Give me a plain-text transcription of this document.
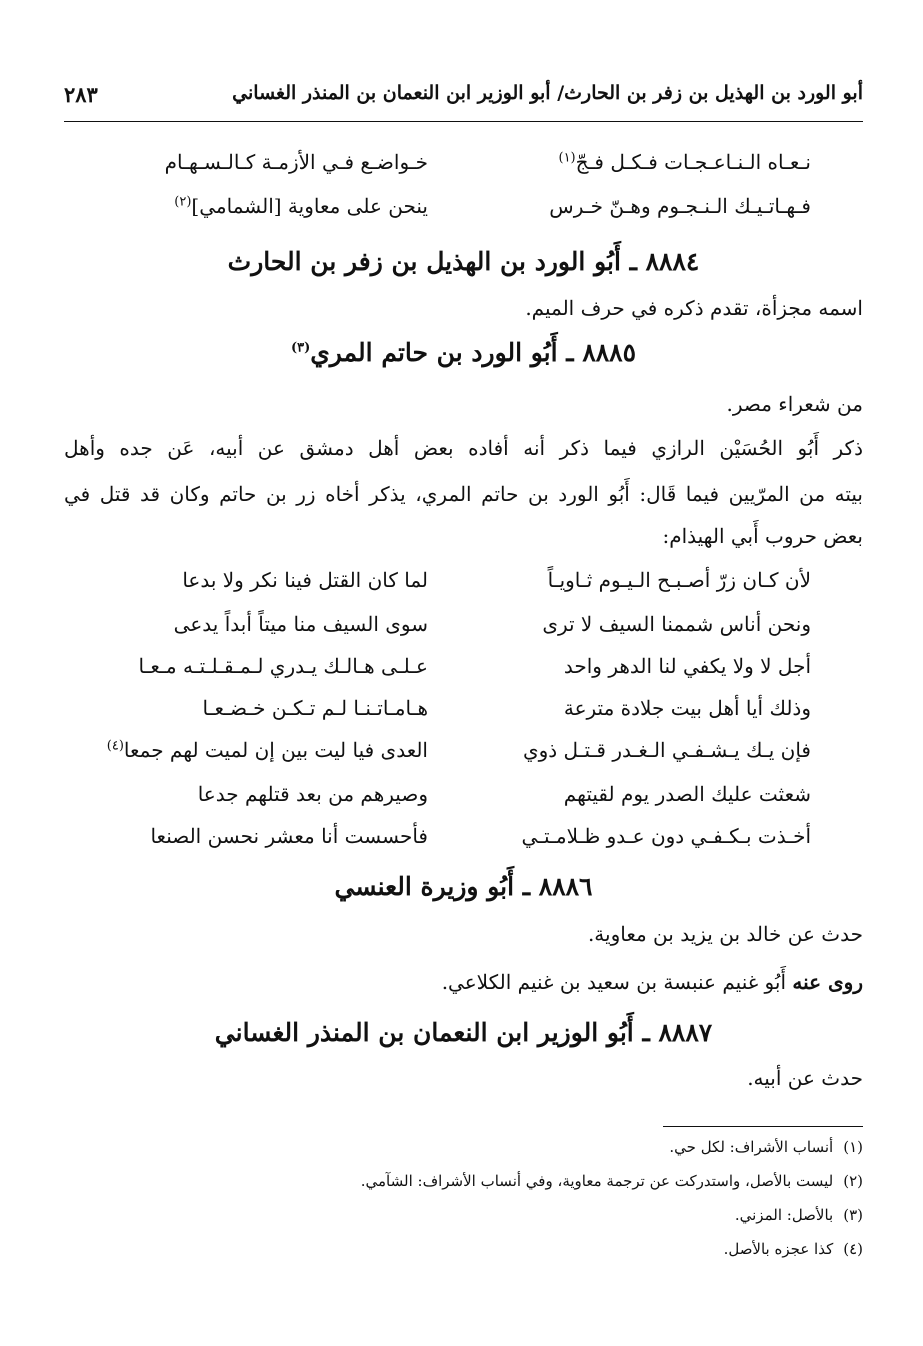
أبو الورد بن الهذيل بن زفر بن الحارث/ أبو الوزير ابن النعمان بن المنذر الغساني
٢٨٣
نـعـاه الـنـاعـجـات فـكـل فـجّ$^{(١)}$
خـواضـع فـي الأزمـة كـالـسـهـام
فـهـاتـيـك الـنـجـوم وهـنّ خـرس
ينحن على معاوية [الشمامي]$^{(٢)}$
٨٨٨٤ ـ أَبُو الورد بن الهذيل بن زفر بن الحارث
اسمه مجزأة، تقدم ذكره في حرف الميم.
٨٨٨٥ ـ أَبُو الورد بن حاتم المري$^{(٣)}$
من شعراء مصر.
ذكر أَبُو الحُسَيْن الرازي فيما ذكر أنه أفاده بعض أهل دمشق عن أبيه، عَن جده وأهل
بيته من المرّيين فيما قَال: أَبُو الورد بن حاتم المري، يذكر أخاه زر بن حاتم وكان قد قتل في
بعض حروب أَبي الهيذام:
لأن كـان زرّ أصـبـح الـيـوم ثـاويـاً
لما كان القتل فينا نكر ولا بدعا
ونحن أناس شممنا السيف لا ترى
سوى السيف منا ميتاً أبداً يدعى
أجل لا ولا يكفي لنا الدهر واحد
عـلـى هـالـك يـدري لـمـقـلـتـه مـعـا
وذلك أيا أهل بيت جلادة مترعة
هـامـاتـنـا لـم تـكـن خـضـعـا
فإن يـك يـشـفـي الـغـدر قـتـل ذوي
العدى فيا ليت بين إن لميت لهم جمعا$^{(٤)}$
شعثت عليك الصدر يوم لقيتهم
وصيرهم من بعد قتلهم جدعا
أخـذت بـكـفـي دون عـدو ظـلامـتـي
فأحسست أنا معشر نحسن الصنعا
٨٨٨٦ ـ أَبُو وزيرة العنسي
حدث عن خالد بن يزيد بن معاوية.
روى عنه أَبُو غنيم عنبسة بن سعيد بن غنيم الكلاعي.
٨٨٨٧ ـ أَبُو الوزير ابن النعمان بن المنذر الغساني
حدث عن أبيه.
(١)أنساب الأشراف: لكل حي.
(٢)ليست بالأصل، واستدركت عن ترجمة معاوية، وفي أنساب الأشراف: الشآمي.
(٣)بالأصل: المزني.
(٤)كذا عجزه بالأصل.
